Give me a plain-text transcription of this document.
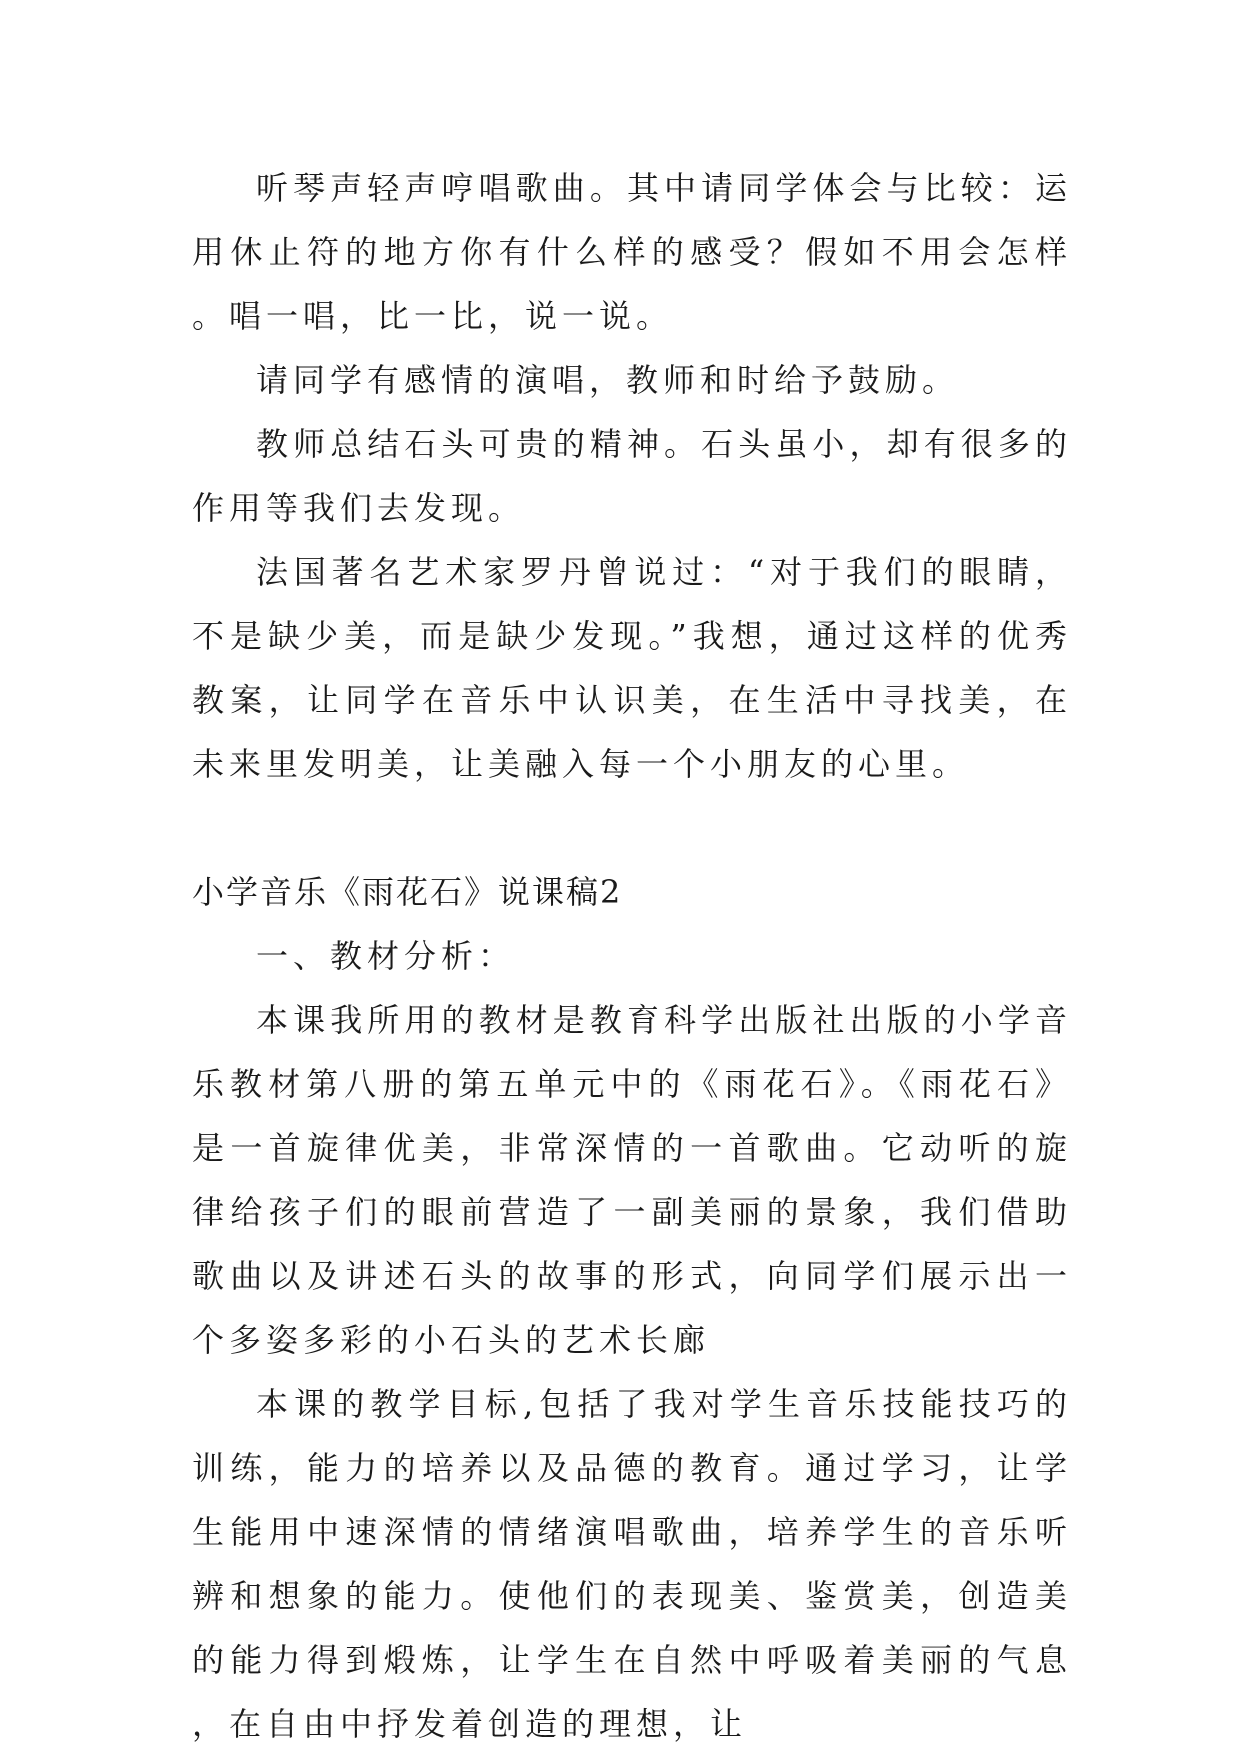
听琴声轻声哼唱歌曲。其中请同学体会与比较：运用休止符的地方你有什么样的感受？假如不用会怎样。唱一唱，比一比，说一说。

请同学有感情的演唱，教师和时给予鼓励。

教师总结石头可贵的精神。石头虽小，却有很多的作用等我们去发现。

法国著名艺术家罗丹曾说过：“对于我们的眼睛，不是缺少美，而是缺少发现。”我想，通过这样的优秀教案，让同学在音乐中认识美，在生活中寻找美，在未来里发明美，让美融入每一个小朋友的心里。

小学音乐《雨花石》说课稿2

一、教材分析：

本课我所用的教材是教育科学出版社出版的小学音乐教材第八册的第五单元中的《雨花石》。《雨花石》是一首旋律优美，非常深情的一首歌曲。它动听的旋律给孩子们的眼前营造了一副美丽的景象，我们借助歌曲以及讲述石头的故事的形式，向同学们展示出一个多姿多彩的小石头的艺术长廊

本课的教学目标,包括了我对学生音乐技能技巧的训练，能力的培养以及品德的教育。通过学习，让学生能用中速深情的情绪演唱歌曲，培养学生的音乐听辨和想象的能力。使他们的表现美、鉴赏美，创造美的能力得到煅炼，让学生在自然中呼吸着美丽的气息，在自由中抒发着创造的理想，让
